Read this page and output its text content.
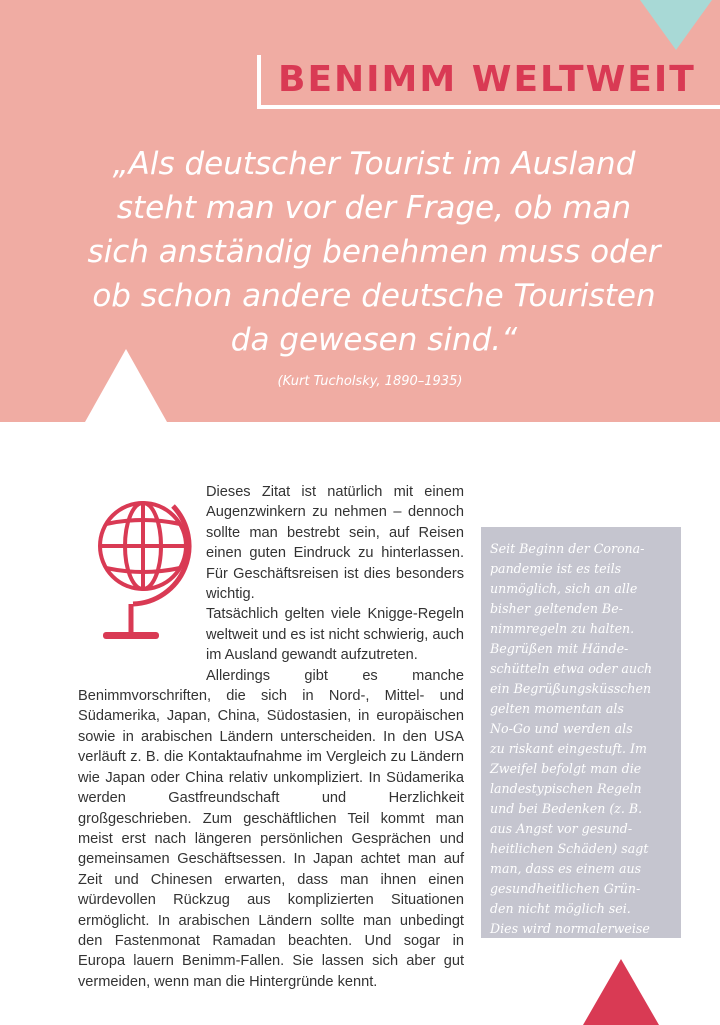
BENIMM WELTWEIT
„Als deutscher Tourist im Ausland
steht man vor der Frage, ob man
sich anständig benehmen muss oder
ob schon andere deutsche Touristen
da gewesen sind.“
(Kurt Tucholsky, 1890–1935)

Dieses Zitat ist natürlich mit einem Augenzwinkern zu nehmen – dennoch sollte man bestrebt sein, auf Reisen einen guten Eindruck zu hinterlassen. Für Geschäftsreisen ist dies besonders wichtig.

Tatsächlich gelten viele Knigge-Regeln weltweit und es ist nicht schwierig, auch im Ausland gewandt aufzutreten.

Allerdings gibt es manche Benimmvorschriften, die sich in Nord-, Mittel- und Südamerika, Japan, China, Südostasien, in europäischen sowie in arabischen Ländern unterscheiden. In den USA verläuft z. B. die Kontaktaufnahme im Vergleich zu Ländern wie Japan oder China relativ unkompliziert. In Südamerika werden Gastfreundschaft und Herzlichkeit großgeschrieben. Zum geschäftlichen Teil kommt man meist erst nach längeren persönlichen Gesprächen und gemeinsamen Geschäftsessen. In Japan achtet man auf Zeit und Chinesen erwarten, dass man ihnen einen würdevollen Rückzug aus komplizierten Situationen ermöglicht. In arabischen Ländern sollte man unbedingt den Fastenmonat Ramadan beachten. Und sogar in Europa lauern Benimm-Fallen. Sie lassen sich aber gut vermeiden, wenn man die Hintergründe kennt.

Seit Beginn der Corona-
pandemie ist es teils
unmöglich, sich an alle
bisher geltenden Be-
nimmregeln zu halten.
Begrüßen mit Hände-
schütteln etwa oder auch
ein Begrüßungsküsschen
gelten momentan als
No-Go und werden als
zu riskant eingestuft. Im
Zweifel befolgt man die
landestypischen Regeln
und bei Bedenken (z. B.
aus Angst vor gesund-
heitlichen Schäden) sagt
man, dass es einem aus
gesundheitlichen Grün-
den nicht möglich sei.
Dies wird normalerweise
weltweit akzeptiert.
